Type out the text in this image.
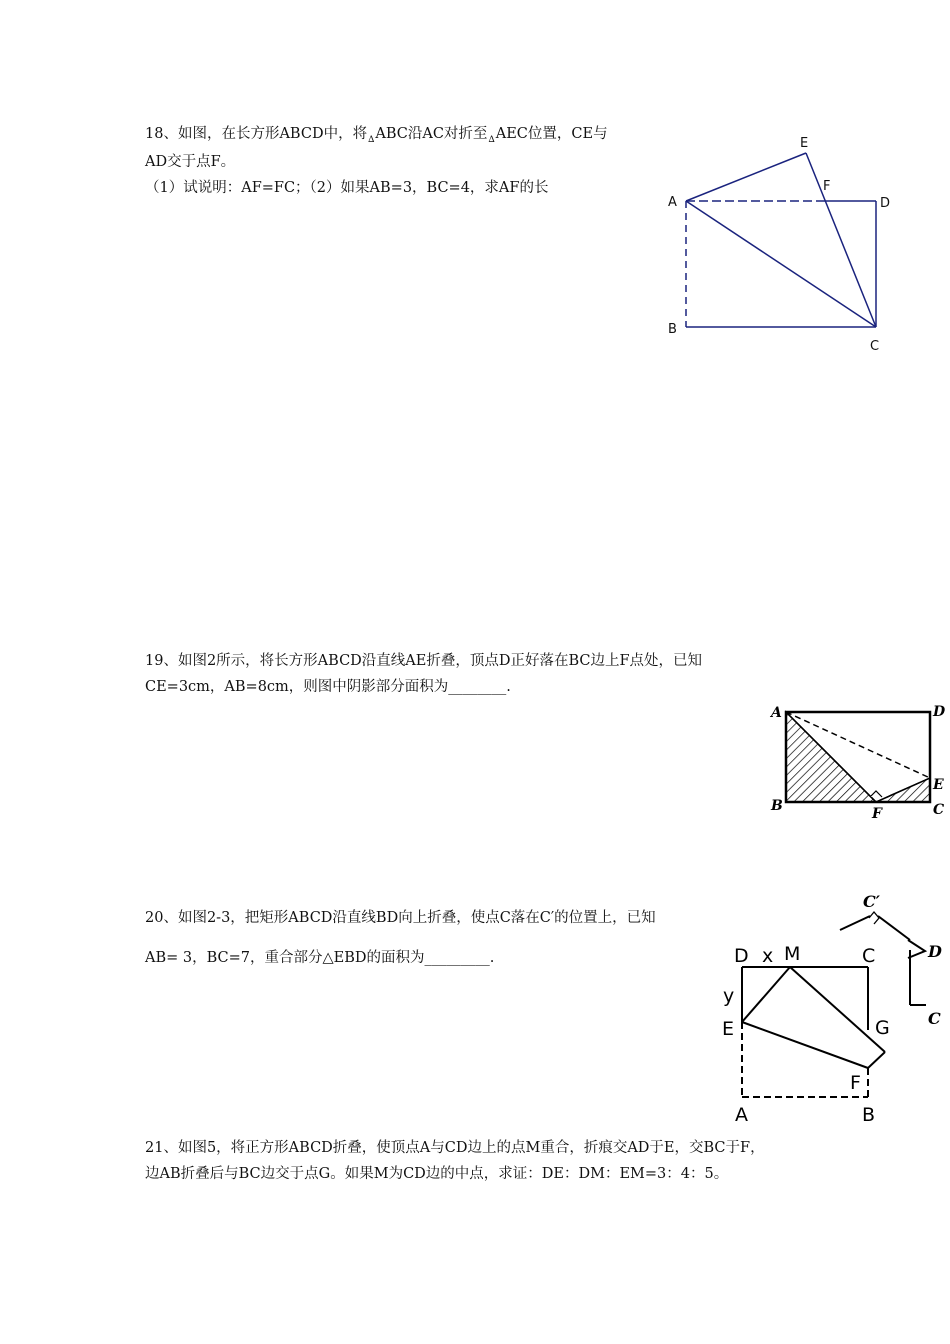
18、如图，在长方形ABCD中，将$_\Delta$ABC沿AC对折至$_\Delta$AEC位置，CE与

AD交于点F。

（1）试说明：AF=FC；（2）如果AB=3，BC=4，求AF的长

A
B
C
D
E
F

19、如图2所示，将长方形ABCD沿直线AE折叠，顶点D正好落在BC边上F点处，已知

CE=3cm，AB=8cm，则图中阴影部分面积为________.

A	D
E
B	F	C

20、如图2-3，把矩形ABCD沿直线BD向上折叠，使点C落在C′的位置上，已知

AB= 3，BC=7，重合部分△EBD的面积为_________.

C′
D
C
D x M	C
y
E	G
F
A	B

21、如图5，将正方形ABCD折叠，使顶点A与CD边上的点M重合，折痕交AD于E，交BC于F，

边AB折叠后与BC边交于点G。如果M为CD边的中点，求证：DE：DM：EM=3：4：5。
